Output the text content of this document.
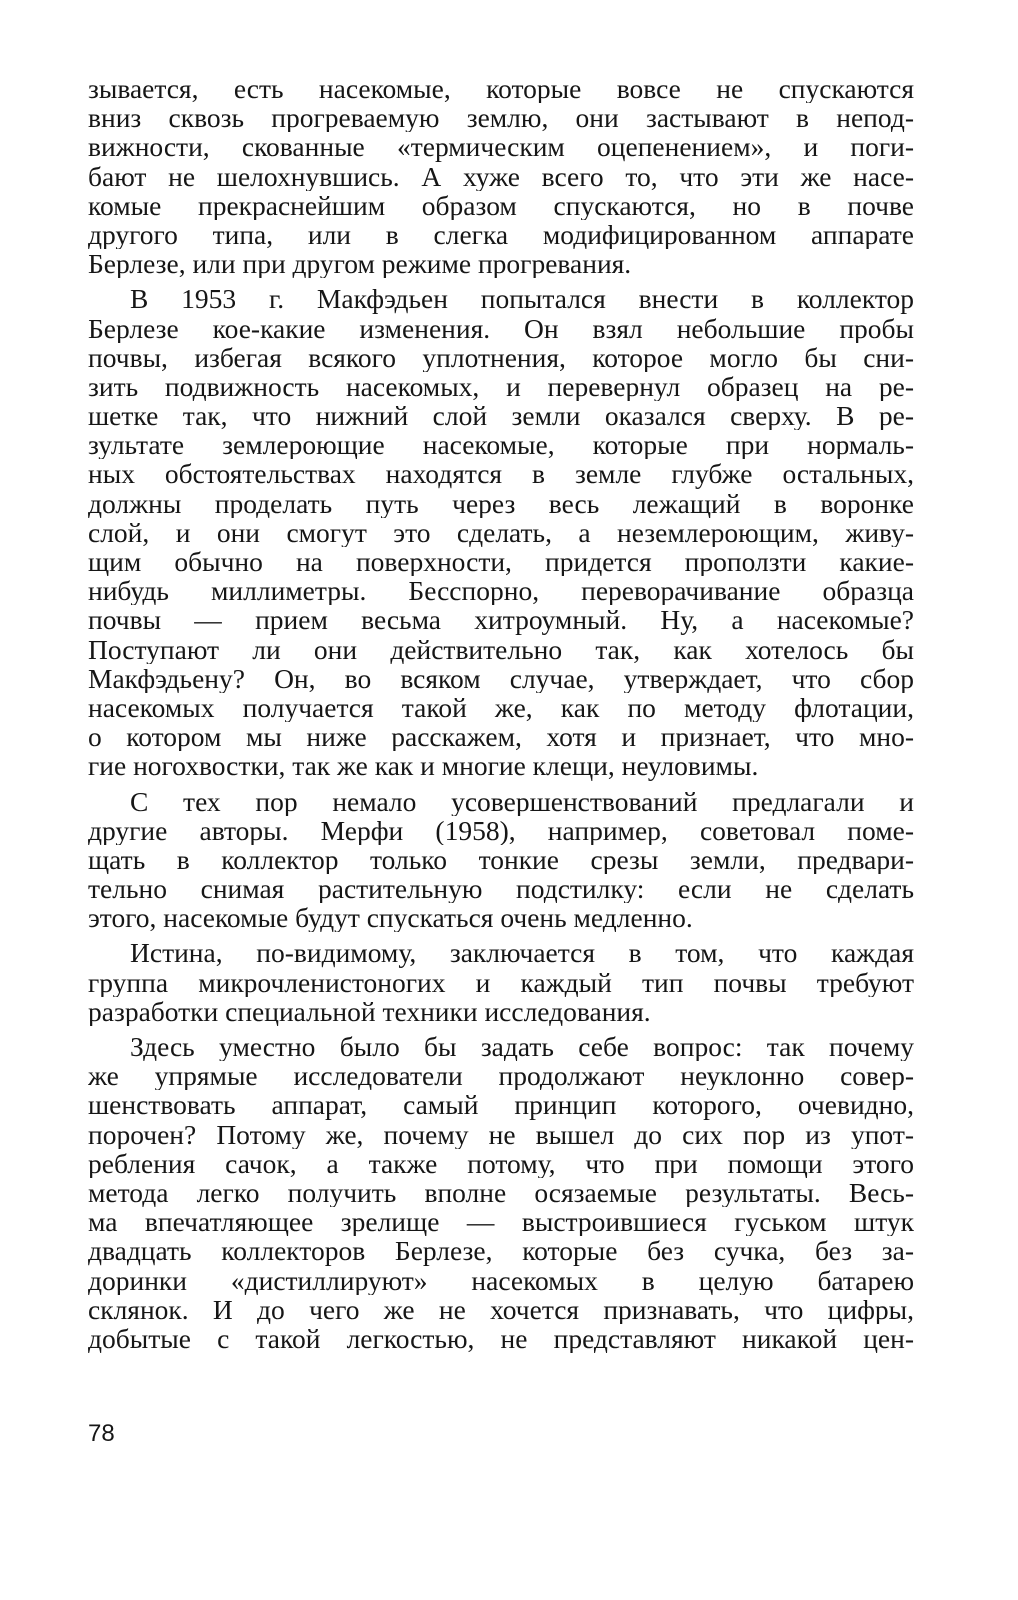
зывается, есть насекомые, которые вовсе не спускаются
вниз сквозь прогреваемую землю, они застывают в непод-
вижности, скованные «термическим оцепенением», и поги-
бают не шелохнувшись. А хуже всего то, что эти же насе-
комые прекраснейшим образом спускаются, но в почве
другого типа, или в слегка модифицированном аппарате
Берлезе, или при другом режиме прогревания.
В 1953 г. Макфэдьен попытался внести в коллектор
Берлезе кое-какие изменения. Он взял небольшие пробы
почвы, избегая всякого уплотнения, которое могло бы сни-
зить подвижность насекомых, и перевернул образец на ре-
шетке так, что нижний слой земли оказался сверху. В ре-
зультате землероющие насекомые, которые при нормаль-
ных обстоятельствах находятся в земле глубже остальных,
должны проделать путь через весь лежащий в воронке
слой, и они смогут это сделать, а неземлероющим, живу-
щим обычно на поверхности, придется проползти какие-
нибудь миллиметры. Бесспорно, переворачивание образца
почвы — прием весьма хитроумный. Ну, а насекомые?
Поступают ли они действительно так, как хотелось бы
Макфэдьену? Он, во всяком случае, утверждает, что сбор
насекомых получается такой же, как по методу флотации,
о котором мы ниже расскажем, хотя и признает, что мно-
гие ногохвостки, так же как и многие клещи, неуловимы.
С тех пор немало усовершенствований предлагали и
другие авторы. Мерфи (1958), например, советовал поме-
щать в коллектор только тонкие срезы земли, предвари-
тельно снимая растительную подстилку: если не сделать
этого, насекомые будут спускаться очень медленно.
Истина, по-видимому, заключается в том, что каждая
группа микрочленистоногих и каждый тип почвы требуют
разработки специальной техники исследования.
Здесь уместно было бы задать себе вопрос: так почему
же упрямые исследователи продолжают неуклонно совер-
шенствовать аппарат, самый принцип которого, очевидно,
порочен? Потому же, почему не вышел до сих пор из упот-
ребления сачок, а также потому, что при помощи этого
метода легко получить вполне осязаемые результаты. Весь-
ма впечатляющее зрелище — выстроившиеся гуськом штук
двадцать коллекторов Берлезе, которые без сучка, без за-
доринки «дистиллируют» насекомых в целую батарею
склянок. И до чего же не хочется признавать, что цифры,
добытые с такой легкостью, не представляют никакой цен-
78
